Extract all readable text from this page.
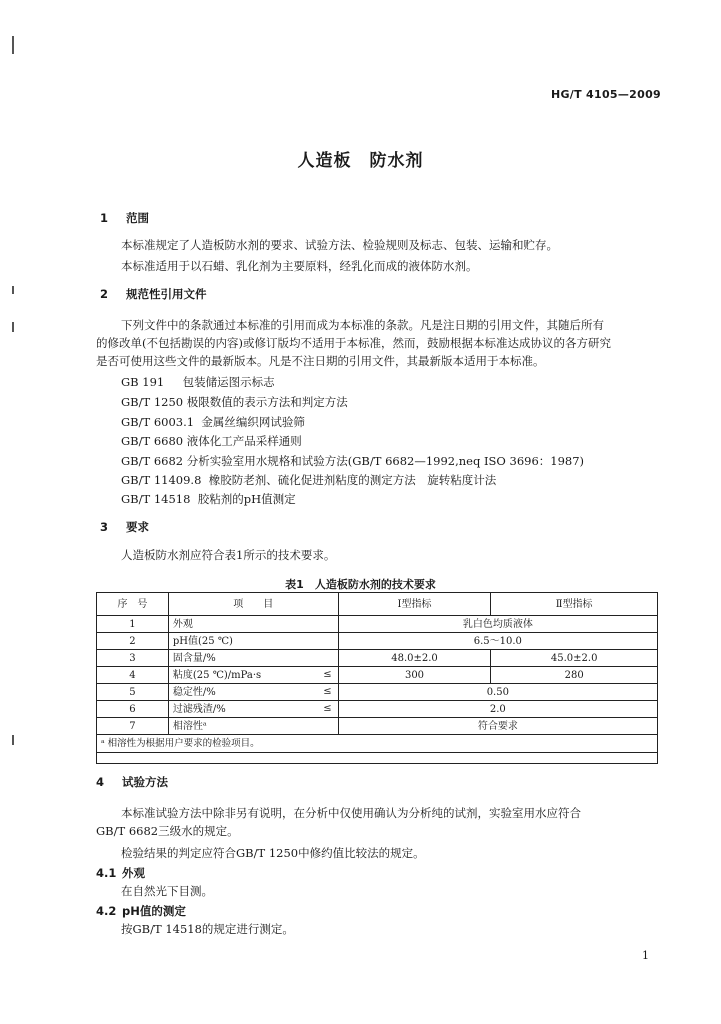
HG/T 4105—2009
人造板　防水剂
1 范围
本标准规定了人造板防水剂的要求、试验方法、检验规则及标志、包装、运输和贮存。
本标准适用于以石蜡、乳化剂为主要原料，经乳化而成的液体防水剂。
2 规范性引用文件
下列文件中的条款通过本标准的引用而成为本标准的条款。凡是注日期的引用文件，其随后所有
的修改单(不包括勘误的内容)或修订版均不适用于本标准，然而，鼓励根据本标准达成协议的各方研究
是否可使用这些文件的最新版本。凡是不注日期的引用文件，其最新版本适用于本标准。
GB 191 包装储运图示标志
GB/T 1250 极限数值的表示方法和判定方法
GB/T 6003.1 金属丝编织网试验筛
GB/T 6680 液体化工产品采样通则
GB/T 6682 分析实验室用水规格和试验方法(GB/T 6682—1992,neq ISO 3696：1987)
GB/T 11409.8 橡胶防老剂、硫化促进剂粘度的测定方法　旋转粘度计法
GB/T 14518 胶粘剂的pH值测定
3 要求
人造板防水剂应符合表1所示的技术要求。
表1　人造板防水剂的技术要求
序　号	项　　目	Ⅰ型指标	Ⅱ型指标
1	外观	乳白色均质液体	
2	pH值(25 ℃)	6.5～10.0	
3	固含量/%	48.0±2.0	45.0±2.0
4	粘度(25 ℃)/mPa·s ≤	300	280
5	稳定性/% ≤	0.50	
6	过滤残渣/% ≤	2.0	
7	相溶性ᵃ	符合要求	
ᵃ 相溶性为根据用户要求的检验项目。			

4 试验方法
本标准试验方法中除非另有说明，在分析中仅使用确认为分析纯的试剂，实验室用水应符合
GB/T 6682三级水的规定。
检验结果的判定应符合GB/T 1250中修约值比较法的规定。
4.1 外观
在自然光下目测。
4.2 pH值的测定
按GB/T 14518的规定进行测定。
1
